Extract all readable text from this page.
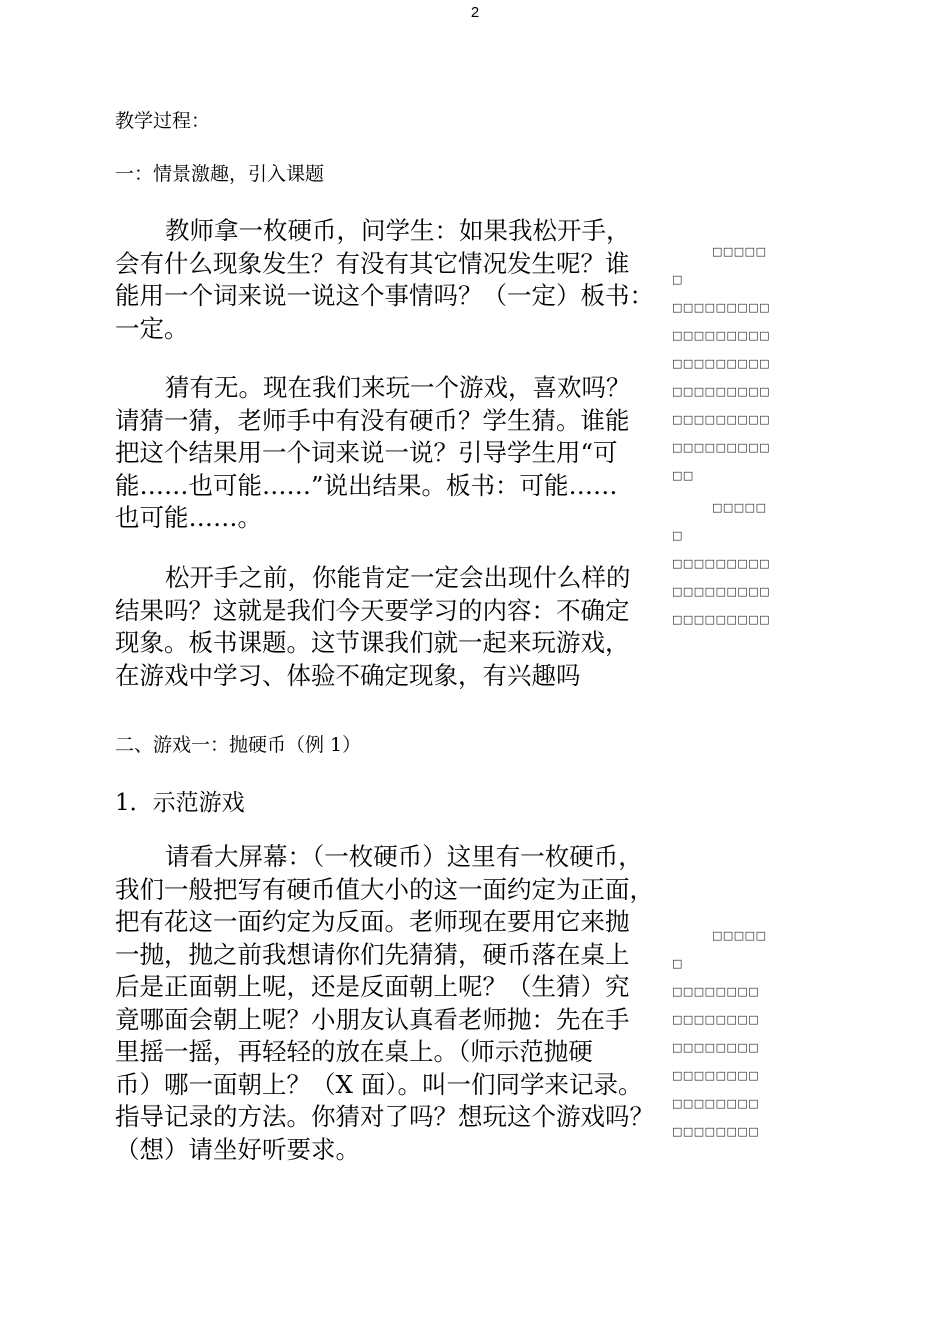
2
教学过程：
一：情景激趣，引入课题
教师拿一枚硬币，问学生：如果我松开手，
会有什么现象发生？有没有其它情况发生呢？谁
能用一个词来说一说这个事情吗？（一定）板书：
一定。
猜有无。现在我们来玩一个游戏，喜欢吗？
请猜一猜，老师手中有没有硬币？学生猜。谁能
把这个结果用一个词来说一说？引导学生用“可
能……也可能……”说出结果。板书：可能……
也可能……。
松开手之前，你能肯定一定会出现什么样的
结果吗？这就是我们今天要学习的内容：不确定
现象。板书课题。这节课我们就一起来玩游戏，
在游戏中学习、体验不确定现象，有兴趣吗
二、游戏一：抛硬币（例 1）
1．示范游戏
请看大屏幕：（一枚硬币）这里有一枚硬币，
我们一般把写有硬币值大小的这一面约定为正面，
把有花这一面约定为反面。老师现在要用它来抛
一抛，抛之前我想请你们先猜猜，硬币落在桌上
后是正面朝上呢，还是反面朝上呢？（生猜）究
竟哪面会朝上呢？小朋友认真看老师抛：先在手
里摇一摇，再轻轻的放在桌上。（师示范抛硬
币）哪一面朝上？（X 面）。叫一们同学来记录。
指导记录的方法。你猜对了吗？想玩这个游戏吗？
（想）请坐好听要求。
□□□□□
□
□□□□□□□□□
□□□□□□□□□
□□□□□□□□□
□□□□□□□□□
□□□□□□□□□
□□□□□□□□□
□□
□□□□□
□
□□□□□□□□□
□□□□□□□□□
□□□□□□□□□
□□□□□
□
□□□□□□□□
□□□□□□□□
□□□□□□□□
□□□□□□□□
□□□□□□□□
□□□□□□□□
